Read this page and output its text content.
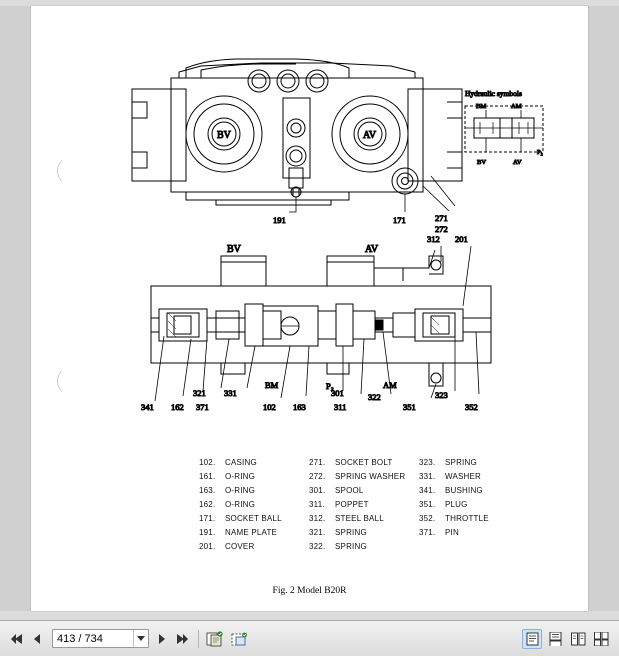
BV	AV
191	171	271
272
Hydraulic symbols
BM	AM
BV	AV
P₂
BV	AV
BM	AM
P₂
312 201
341 162 371
321 331
102 163
301
311
322
351
323
352
102. CASING
161. O-RING
163. O-RING
162. O-RING
171. SOCKET BALL
191. NAME PLATE
201. COVER
271. SOCKET BOLT
272. SPRING WASHER
301. SPOOL
311. POPPET
312. STEEL BALL
321. SPRING
322. SPRING
323. SPRING
331. WASHER
341. BUSHING
351. PLUG
352. THROTTLE
371. PIN
Fig. 2 Model B20R
413 / 734
